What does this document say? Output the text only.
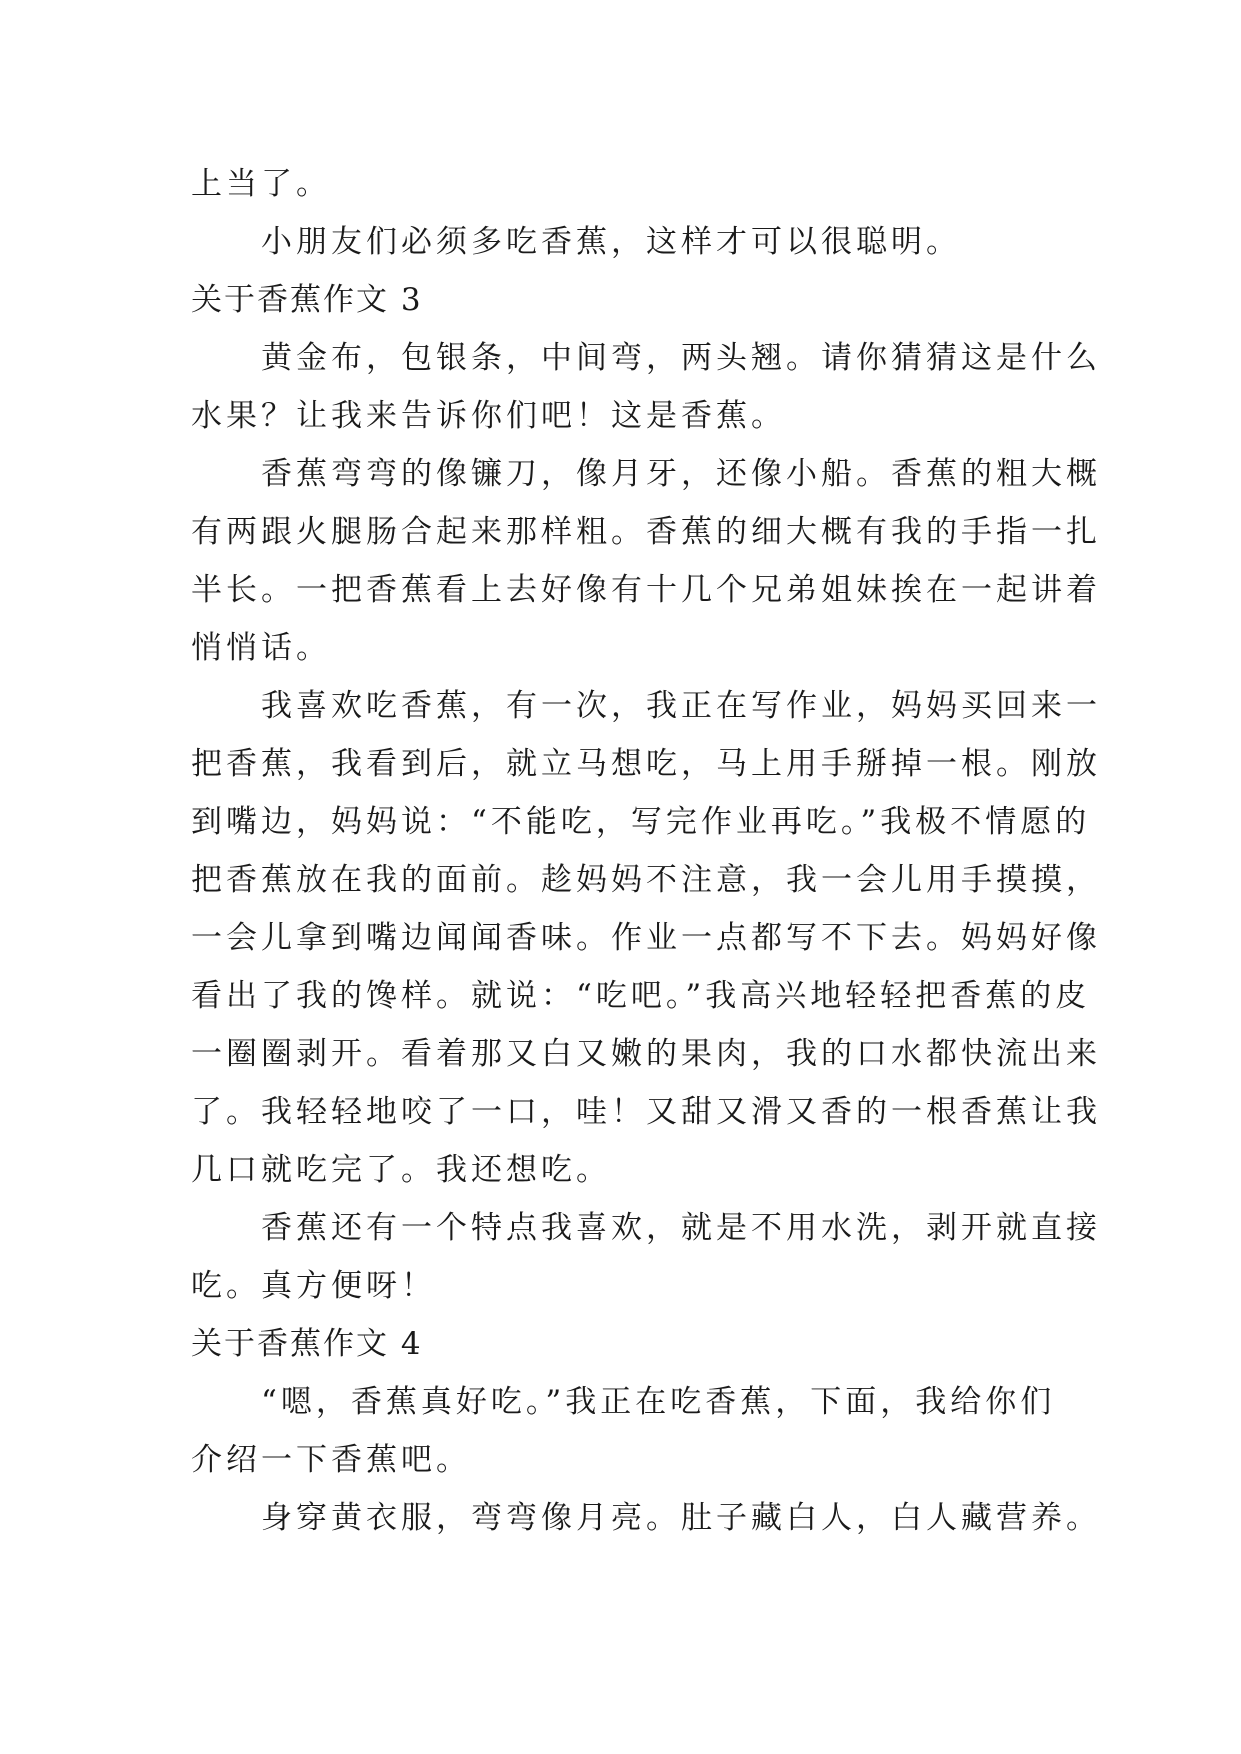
上当了。
小朋友们必须多吃香蕉，这样才可以很聪明。
关于香蕉作文 3
黄金布，包银条，中间弯，两头翘。请你猜猜这是什么
水果？让我来告诉你们吧！这是香蕉。
香蕉弯弯的像镰刀，像月牙，还像小船。香蕉的粗大概
有两跟火腿肠合起来那样粗。香蕉的细大概有我的手指一扎
半长。一把香蕉看上去好像有十几个兄弟姐妹挨在一起讲着
悄悄话。
我喜欢吃香蕉，有一次，我正在写作业，妈妈买回来一
把香蕉，我看到后，就立马想吃，马上用手掰掉一根。刚放
到嘴边，妈妈说：“不能吃，写完作业再吃。”我极不情愿的
把香蕉放在我的面前。趁妈妈不注意，我一会儿用手摸摸，
一会儿拿到嘴边闻闻香味。作业一点都写不下去。妈妈好像
看出了我的馋样。就说：“吃吧。”我高兴地轻轻把香蕉的皮
一圈圈剥开。看着那又白又嫩的果肉，我的口水都快流出来
了。我轻轻地咬了一口，哇！又甜又滑又香的一根香蕉让我
几口就吃完了。我还想吃。
香蕉还有一个特点我喜欢，就是不用水洗，剥开就直接
吃。真方便呀！
关于香蕉作文 4
“嗯，香蕉真好吃。”我正在吃香蕉，下面，我给你们
介绍一下香蕉吧。
身穿黄衣服，弯弯像月亮。肚子藏白人，白人藏营养。
